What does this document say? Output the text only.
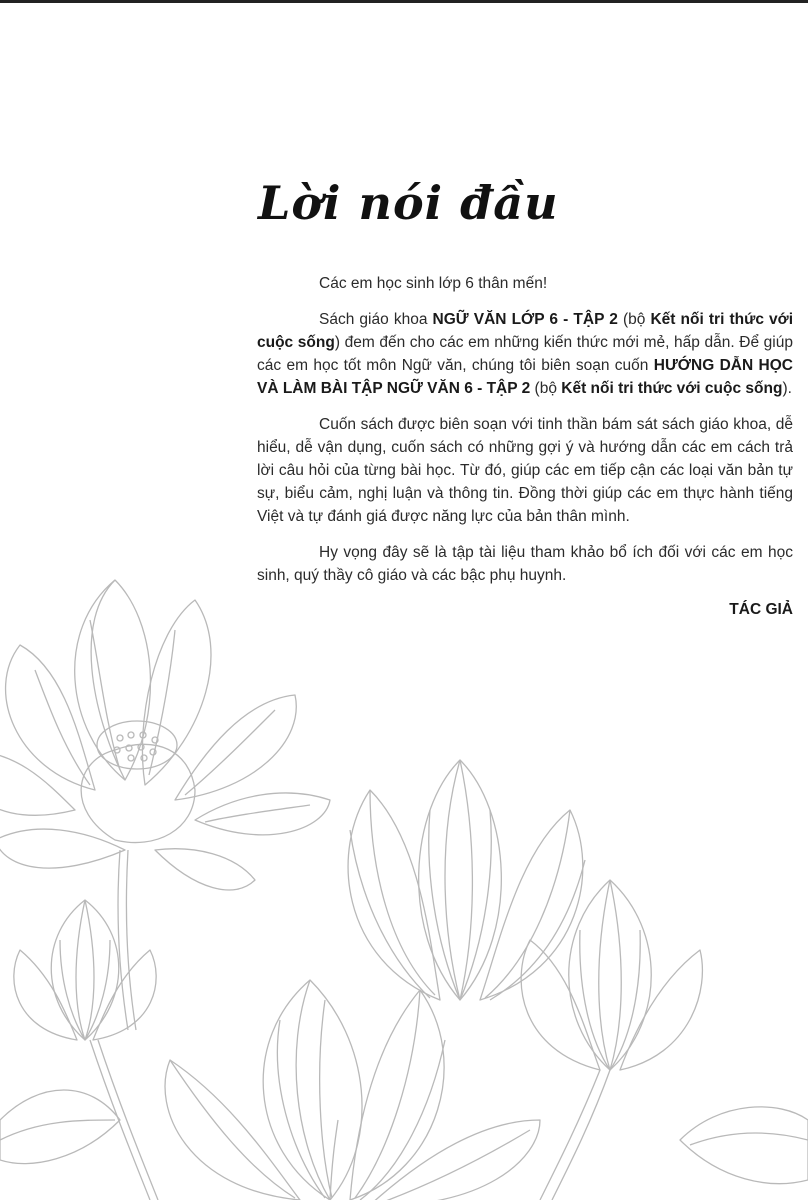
Lời nói đầu

Các em học sinh lớp 6 thân mến!

Sách giáo khoa NGỮ VĂN LỚP 6 - TẬP 2 (bộ Kết nối tri thức với cuộc sống) đem đến cho các em những kiến thức mới mẻ, hấp dẫn. Để giúp các em học tốt môn Ngữ văn, chúng tôi biên soạn cuốn HƯỚNG DẪN HỌC VÀ LÀM BÀI TẬP NGỮ VĂN 6 - TẬP 2 (bộ Kết nối tri thức với cuộc sống).

Cuốn sách được biên soạn với tinh thần bám sát sách giáo khoa, dễ hiểu, dễ vận dụng, cuốn sách có những gợi ý và hướng dẫn các em cách trả lời câu hỏi của từng bài học. Từ đó, giúp các em tiếp cận các loại văn bản tự sự, biểu cảm, nghị luận và thông tin. Đồng thời giúp các em thực hành tiếng Việt và tự đánh giá được năng lực của bản thân mình.

Hy vọng đây sẽ là tập tài liệu tham khảo bổ ích đối với các em học sinh, quý thầy cô giáo và các bậc phụ huynh.

TÁC GIẢ
